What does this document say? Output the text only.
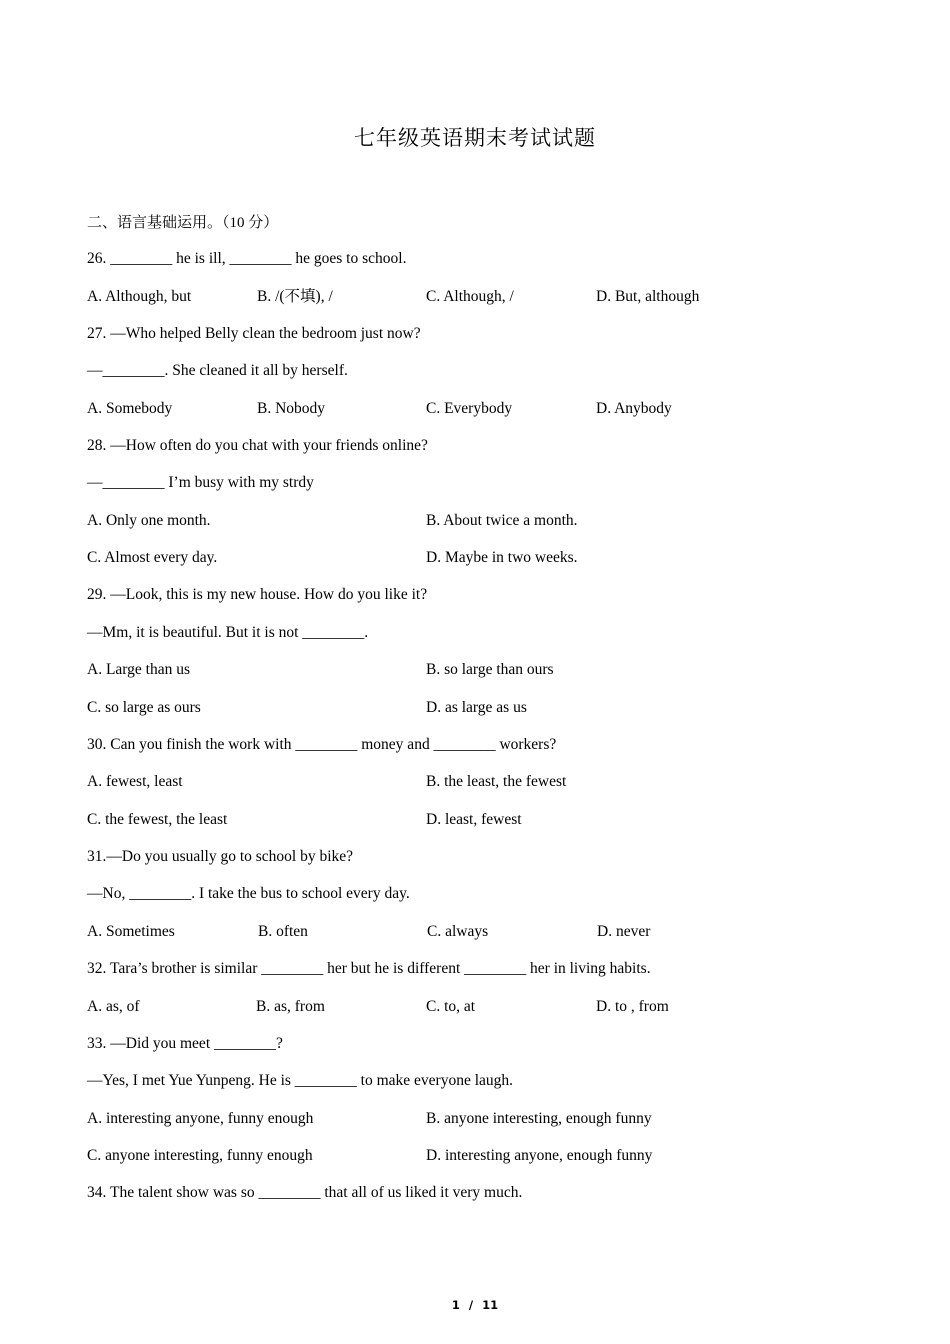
七年级英语期末考试试题
二、语言基础运用。（10 分）
26. ________ he is ill, ________ he goes to school.
A. Although, but	B. /(不填), /	C. Although, /	D. But, although
27. —Who helped Belly clean the bedroom just now?
—________. She cleaned it all by herself.
A. Somebody	B. Nobody	C. Everybody	D. Anybody
28. —How often do you chat with your friends online?
—________ I’m busy with my strdy
A. Only one month.	B. About twice a month.
C. Almost every day.	D. Maybe in two weeks.
29. —Look, this is my new house. How do you like it?
—Mm, it is beautiful. But it is not ________.
A. Large than us	B. so large than ours
C. so large as ours	D. as large as us
30. Can you finish the work with ________ money and ________ workers?
A. fewest, least	B. the least, the fewest
C. the fewest, the least	D. least, fewest
31.—Do you usually go to school by bike?
—No, ________. I take the bus to school every day.
A. Sometimes	B. often	C. always	D. never
32. Tara’s brother is similar ________ her but he is different ________ her in living habits.
A. as, of	B. as, from	C. to, at	D. to , from
33. —Did you meet ________?
—Yes, I met Yue Yunpeng. He is ________ to make everyone laugh.
A. interesting anyone, funny enough	B. anyone interesting, enough funny
C. anyone interesting, funny enough	D. interesting anyone, enough funny
34. The talent show was so ________ that all of us liked it very much.
1 / 11
